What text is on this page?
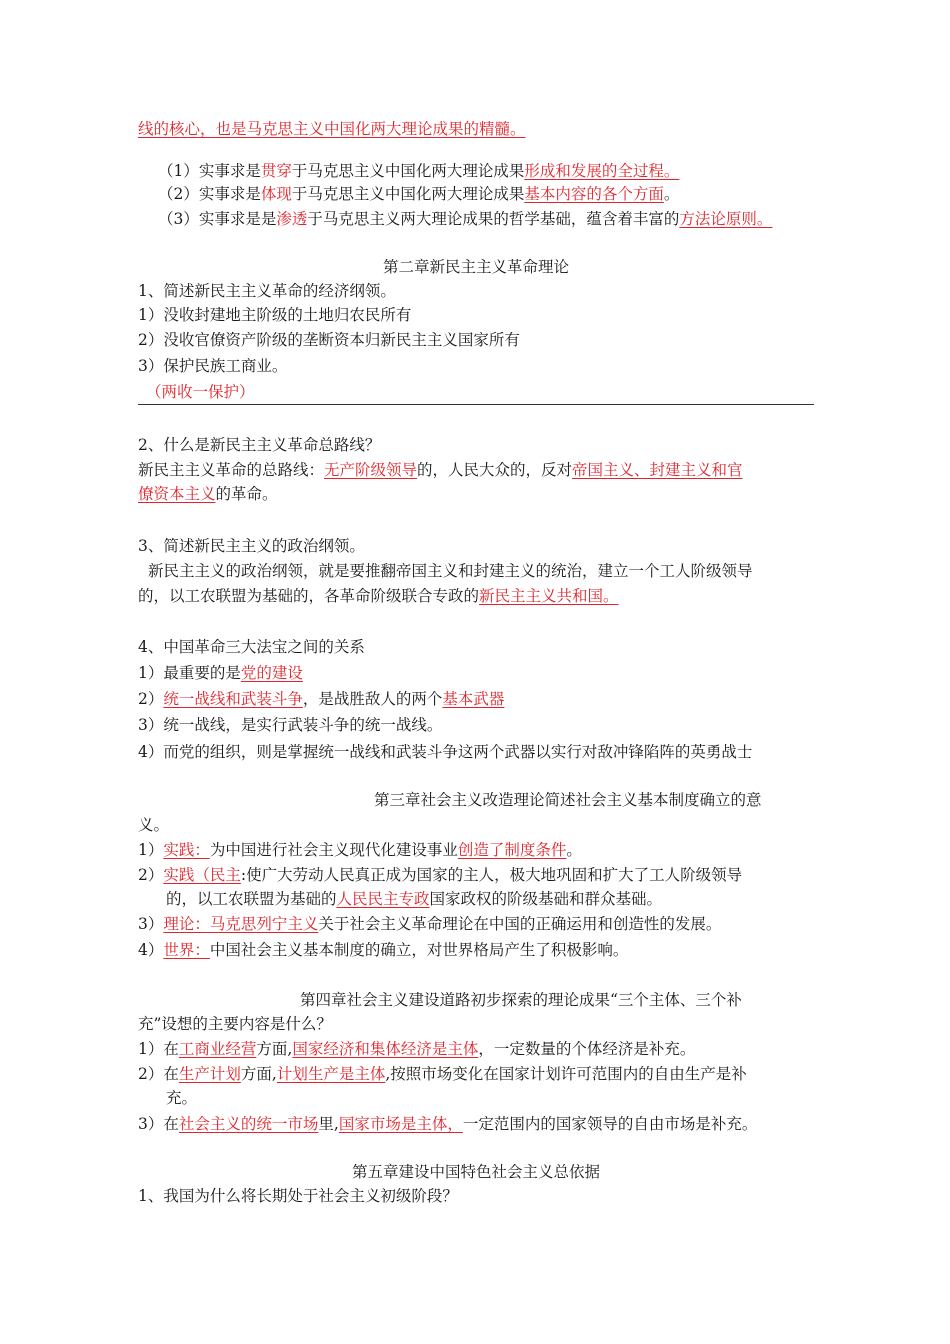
线的核心，也是马克思主义中国化两大理论成果的精髓。
（1）实事求是贯穿于马克思主义中国化两大理论成果形成和发展的全过程。
（2）实事求是体现于马克思主义中国化两大理论成果基本内容的各个方面。
（3）实事求是是渗透于马克思主义两大理论成果的哲学基础，蕴含着丰富的方法论原则。
第二章新民主主义革命理论
1、简述新民主主义革命的经济纲领。
1）没收封建地主阶级的土地归农民所有
2）没收官僚资产阶级的垄断资本归新民主主义国家所有
3）保护民族工商业。
（两收一保护）
2、什么是新民主主义革命总路线？
新民主主义革命的总路线：无产阶级领导的，人民大众的，反对帝国主义、封建主义和官
僚资本主义的革命。
3、简述新民主主义的政治纲领。
新民主主义的政治纲领，就是要推翻帝国主义和封建主义的统治，建立一个工人阶级领导
的，以工农联盟为基础的，各革命阶级联合专政的新民主主义共和国。
4、中国革命三大法宝之间的关系
1）最重要的是党的建设
2）统一战线和武装斗争，是战胜敌人的两个基本武器
3）统一战线，是实行武装斗争的统一战线。
4）而党的组织，则是掌握统一战线和武装斗争这两个武器以实行对敌冲锋陷阵的英勇战士
第三章社会主义改造理论简述社会主义基本制度确立的意
义。
1）实践：为中国进行社会主义现代化建设事业创造了制度条件。
2）实践（民主:使广大劳动人民真正成为国家的主人，极大地巩固和扩大了工人阶级领导
的，以工农联盟为基础的人民民主专政国家政权的阶级基础和群众基础。
3）理论：马克思列宁主义关于社会主义革命理论在中国的正确运用和创造性的发展。
4）世界：中国社会主义基本制度的确立，对世界格局产生了积极影响。
第四章社会主义建设道路初步探索的理论成果“三个主体、三个补
充”设想的主要内容是什么？
1）在工商业经营方面,国家经济和集体经济是主体，一定数量的个体经济是补充。
2）在生产计划方面,计划生产是主体,按照市场变化在国家计划许可范围内的自由生产是补
充。
3）在社会主义的统一市场里,国家市场是主体，一定范围内的国家领导的自由市场是补充。
第五章建设中国特色社会主义总依据
1、我国为什么将长期处于社会主义初级阶段？
